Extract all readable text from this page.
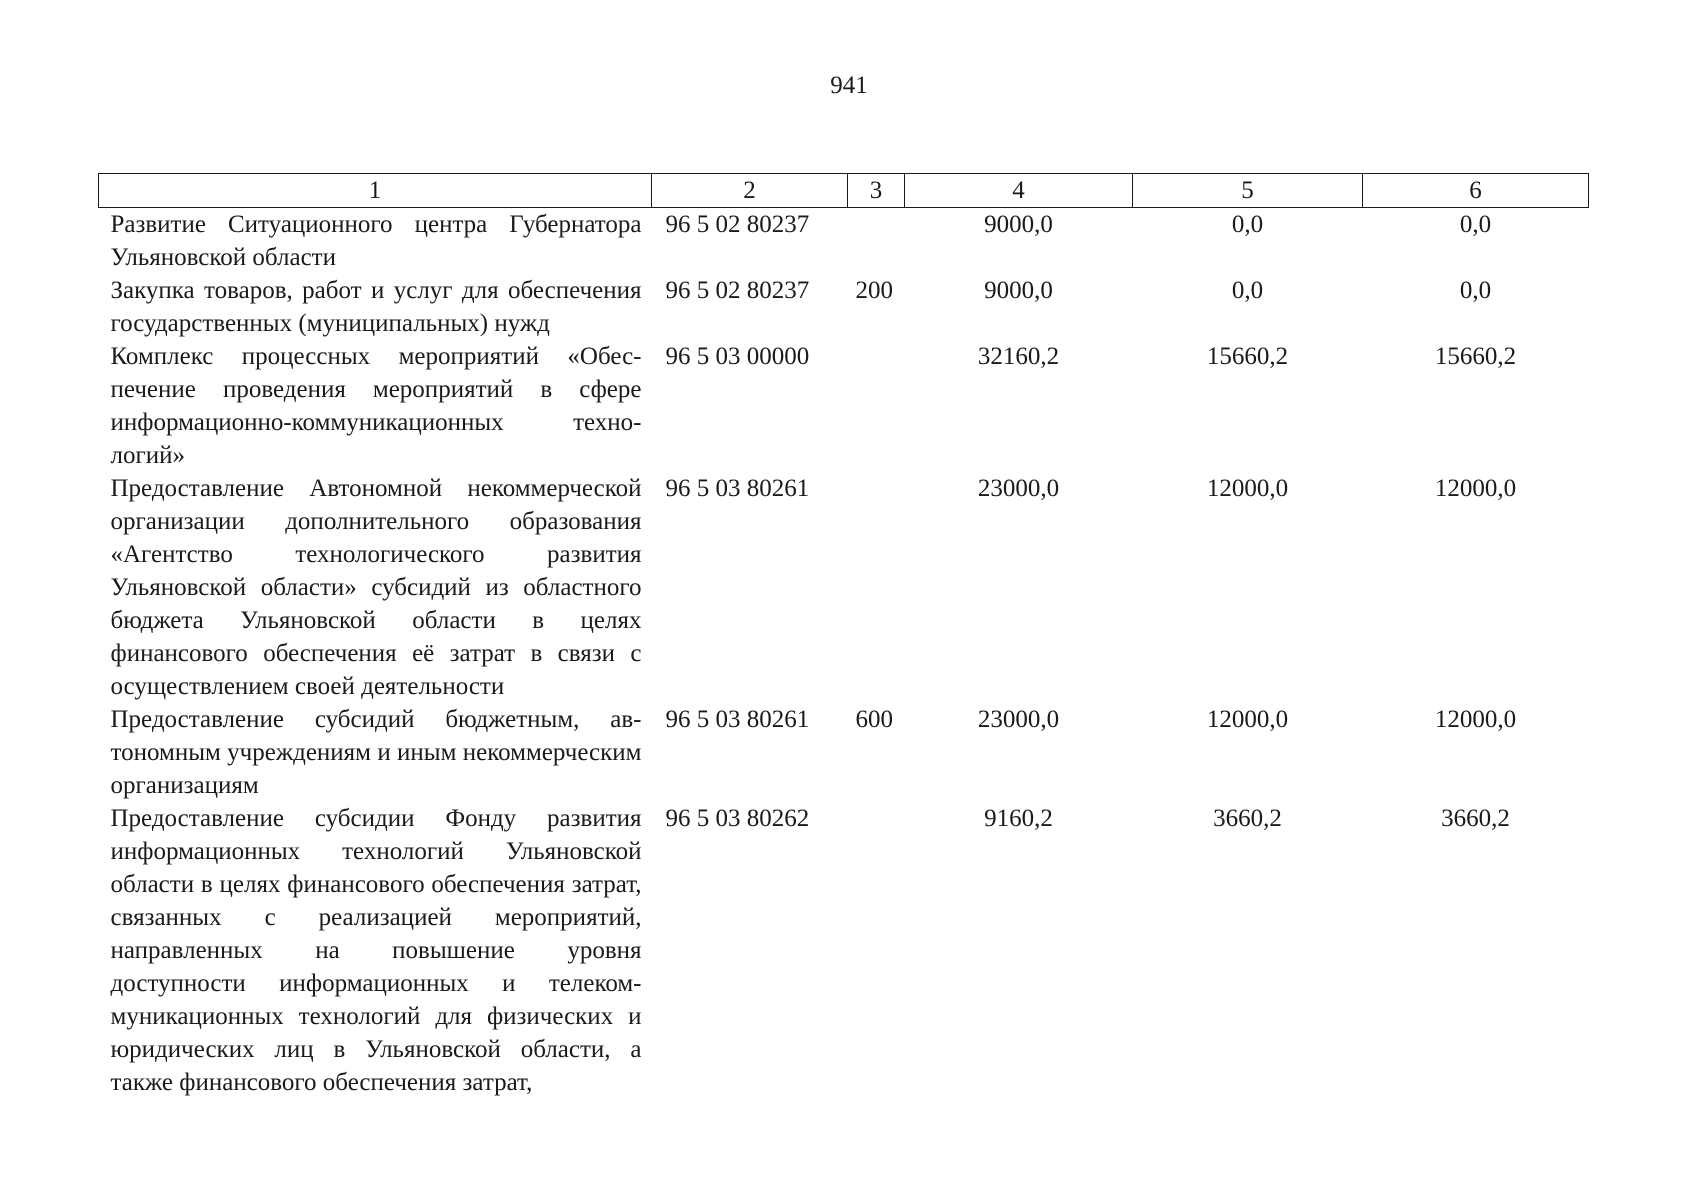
941
1	2	3	4	5	6
Развитие Ситуационного центра Губернатора Ульяновской области	96 5 02 80237		9000,0	0,0	0,0
Закупка товаров, работ и услуг для обеспечения государственных (муниципальных) нужд	96 5 02 80237	200	9000,0	0,0	0,0
Комплекс процессных мероприятий «Обеспечение проведения мероприятий в сфере информационно-коммуникационных технологий»	96 5 03 00000		32160,2	15660,2	15660,2
Предоставление Автономной некоммерческой организации дополнительного образования «Агентство технологического развития Ульяновской области» субсидий из областного бюджета Ульяновской области в целях финансового обеспечения её затрат в связи с осуществлением своей деятельности	96 5 03 80261		23000,0	12000,0	12000,0
Предоставление субсидий бюджетным, автономным учреждениям и иным некоммерческим организациям	96 5 03 80261	600	23000,0	12000,0	12000,0
Предоставление субсидии Фонду развития информационных технологий Ульяновской области в целях финансового обеспечения затрат, связанных с реализацией мероприятий, направленных на повышение уровня доступности информационных и телекоммуникационных технологий для физических и юридических лиц в Ульяновской области, а также финансового обеспечения затрат,	96 5 03 80262		9160,2	3660,2	3660,2
